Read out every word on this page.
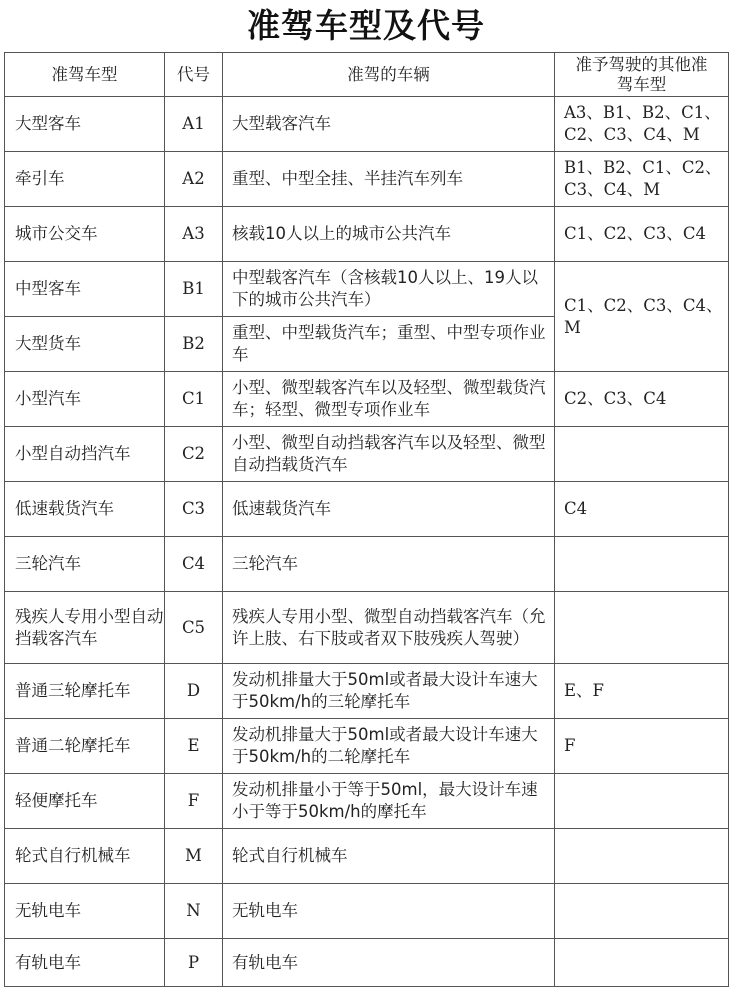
准驾车型及代号
准驾车型	代号	准驾的车辆	准予驾驶的其他准驾车型
大型客车	A1	大型载客汽车	A3、B1、B2、C1、C2、C3、C4、M
牵引车	A2	重型、中型全挂、半挂汽车列车	B1、B2、C1、C2、C3、C4、M
城市公交车	A3	核载10人以上的城市公共汽车	C1、C2、C3、C4
中型客车	B1	中型载客汽车（含核载10人以上、19人以下的城市公共汽车）	C1、C2、C3、C4、M
大型货车	B2	重型、中型载货汽车；重型、中型专项作业车	
小型汽车	C1	小型、微型载客汽车以及轻型、微型载货汽车；轻型、微型专项作业车	C2、C3、C4
小型自动挡汽车	C2	小型、微型自动挡载客汽车以及轻型、微型自动挡载货汽车	
低速载货汽车	C3	低速载货汽车	C4
三轮汽车	C4	三轮汽车	
残疾人专用小型自动挡载客汽车	C5	残疾人专用小型、微型自动挡载客汽车（允许上肢、右下肢或者双下肢残疾人驾驶）	
普通三轮摩托车	D	发动机排量大于50ml或者最大设计车速大于50km/h的三轮摩托车	E、F
普通二轮摩托车	E	发动机排量大于50ml或者最大设计车速大于50km/h的二轮摩托车	F
轻便摩托车	F	发动机排量小于等于50ml，最大设计车速小于等于50km/h的摩托车	
轮式自行机械车	M	轮式自行机械车	
无轨电车	N	无轨电车	
有轨电车	P	有轨电车	
